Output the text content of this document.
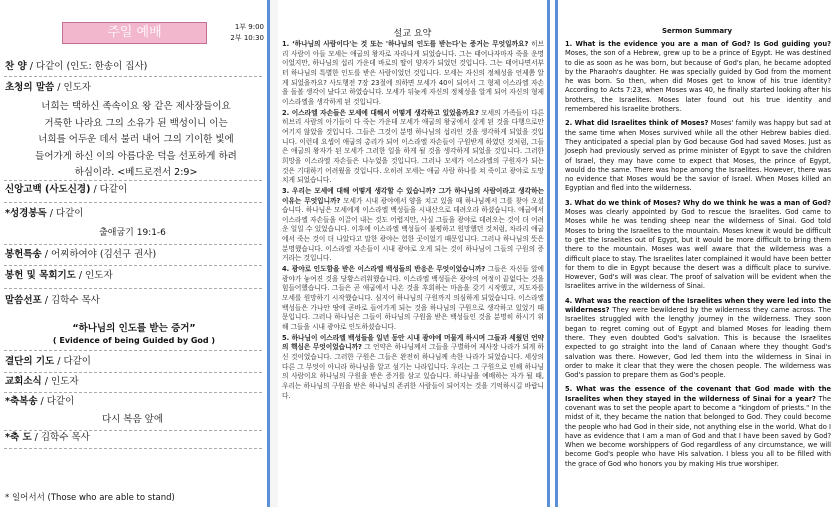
주일 예배	1부 9:00
2부 10:30
찬 양 / 다같이 (인도: 한송이 집사)
초청의 말씀 / 인도자
너희는 택하신 족속이요 왕 같은 제사장들이요
거룩한 나라요 그의 소유가 된 백성이니 이는
너희를 어두운 데서 불러 내어 그의 기이한 빛에
들어가게 하신 이의 아름다운 덕을 선포하게 하려
하심이라. <베드로전서 2:9>
신앙고백 (사도신경) / 다같이
*성경봉독 / 다같이
출애굽기 19:1-6
봉헌특송 / 어찌하여야 (김선구 권사)
봉헌 및 목회기도 / 인도자
말씀선포 / 김학수 목사
“하나님의 인도를 받는 증거”
( Evidence of being Guided by God )
결단의 기도 / 다같이
교회소식 / 인도자
*축복송 / 다같이
다시 복음 앞에
*축 도 / 김학수 목사
* 일어서서 (Those who are able to stand)
설교 요약

1. ‘하나님의 사람이다'는 것 또는 '하나님의 인도를 받는다'는 증거는 무엇일까요? 히브리 사람이 아들 모세는 애굽의 왕자로 자라나게 되었습니다. 그는 태어나자마자 죽을 운명이었지만, 하나님의 섭리 가운데 바로의 딸이 양자가 되었던 것입니다. 그는 태어나면서부터 하나님의 특별한 인도를 받은 사람이었던 것입니다. 모세는 자신의 정체성을 언제쯤 알게 되었을까요? 사도행전 7장 23절에 의하면 모세가 40이 되어서 그 형제 이스라엘 자손을 돌볼 생각이 났다고 하였습니다. 모세가 뒤늦게 자신의 정체성을 알게 되어 자신의 형제 이스라엘을 생각하게 된 것입니다.

2. 이스라엘 자손들은 모세에 대해서 어떻게 생각하고 있었을까요? 모세의 가족들이 다른 히브리 사람의 아기들이 다 죽는 가운데 모세가 애굽의 왕궁에서 살게 된 것을 다행으로만 여기지 않았을 것입니다. 그들은 그것이 분명 하나님의 섭리인 것을 생각하게 되었을 것입니다. 이런데 요셉이 애굽의 총리가 되어 이스라엘 자손들이 구원받게 하였던 것처럼, 그들은 애굽의 왕자가 된 모세가 그러한 일을 하게 될 것을 생각하게 되었을 것입니다. 그러한 희망을 이스라엘 자손들은 나누었을 것입니다. 그러나 모세가 이스라엘의 구원자가 되는 것은 기대하기 어려웠을 것입니다. 오히려 모세는 애굽 사람 하나를 쳐 죽이고 광야로 도망치게 되었습니다.

3. 우리는 모세에 대해 어떻게 생각할 수 있습니까? 그가 하나님의 사람이라고 생각하는 이유는 무엇입니까? 모세가 시내 광야에서 양을 치고 있을 때 하나님께서 그를 찾아 오셨습니다. 하나님은 모세에게 이스라엘 백성들을 시내산으로 데려오라 하셨습니다. 애굽에서 이스라엘 자손들을 이끌어 내는 것도 어렵지만, 사실 그들을 광야로 데려오는 것이 더 어려운 일일 수 있었습니다. 이후에 이스라엘 백성들이 불평하고 원망했던 것처럼, 차라리 애굽에서 죽는 것이 더 나았다고 말한 광야는 험한 곳이었기 때문입니다. 그러나 하나님의 뜻은 분명했습니다. 이스라엘 자손들이 시내 광야로 오게 되는 것이 하나님이 그들의 구원의 증거라는 것입니다.

4. 광야로 인도함을 받은 이스라엘 백성들의 반응은 무엇이었습니까? 그들은 자신들 앞에 광야가 놓여진 것을 당황스러워했습니다. 이스라엘 백성들은 광야의 여정이 끝없다는 것을 힘들어했습니다. 그들은 곧 애굽에서 나온 것을 후회하는 마음을 갖기 시작했고, 지도자를 모세를 원망하기 시작했습니다. 심지어 하나님의 구원까지 의심하게 되었습니다. 이스라엘 백성들은 가나안 땅에 곧바로 들어가게 되는 것을 하나님의 구원으로 생각하고 있었기 때문입니다. 그러나 하나님은 그들이 하나님의 구원을 받은 백성들인 것을 분명히 하시기 위해 그들을 시내 광야로 인도하셨습니다.

5. 하나님이 이스라엘 백성들을 일년 동안 시내 광야에 머물게 하시며 그들과 세웠던 언약의 핵심은 무엇이었습니까? 그 언약은 하나님께서 그들을 구별하여 제사장 나라가 되게 하신 것이었습니다. 그러한 구원은 그들은 완전히 하나님께 속한 나라가 되었습니다. 세상의 다른 그 무엇이 아니라 하나님을 알고 섬기는 나라입니다. 우리는 그 구원으로 인해 하나님의 사람이요 하나님의 구원을 받은 증거를 삼고 있습니다. 하나님을 예배하는 자가 될 때, 우리는 하나님의 구원을 받은 하나님의 존귀한 사람들이 되어지는 것을 기억하시길 바랍니다.

Sermon Summary

1. What is the evidence you are a man of God? Is God guiding you? Moses, the son of a Hebrew, grew up to be a prince of Egypt. He was destined to die as soon as he was born, but because of God's plan, he became adopted by the Pharaoh's daughter. He was specially guided by God from the moment he was born. So then, when did Moses get to know of his true identity? According to Acts 7:23, when Moses was 40, he finally started looking after his brothers, the Israelites. Moses later found out his true identity and remembered his Israelite brothers.

2. What did Israelites think of Moses? Moses' family was happy but sad at the same time when Moses survived while all the other Hebrew babies died. They anticipated a special plan by God because God had saved Moses. Just as Joseph had previously served as prime minister of Egypt to save the children of Israel, they may have come to expect that Moses, the prince of Egypt, would do the same. There was hope among the Israelites. However, there was no evidence that Moses would be the savior of Israel. When Moses killed an Egyptian and fled into the wilderness.

3. What do we think of Moses? Why do we think he was a man of God? Moses was clearly appointed by God to rescue the Israelites. God came to Moses while he was tending sheep near the wilderness of Sinai. God told Moses to bring the Israelites to the mountain. Moses knew it would be difficult to get the Israelites out of Egypt, but it would be more difficult to bring them there to the mountain. Moses was well aware that the wilderness was a difficult place to stay. The Israelites later complained it would have been better for them to die in Egypt because the desert was a difficult place to survive. However, God's will was clear. The proof of salvation will be evident when the Israelites arrive in the wilderness of Sinai.

4. What was the reaction of the Israelites when they were led into the wilderness? They were bewildered by the wilderness they came across. The Israelites struggled with the lengthy journey in the wilderness. They soon began to regret coming out of Egypt and blamed Moses for leading them there. They even doubted God's salvation. This is because the Israelites expected to go straight into the land of Canaan where they thought God's salvation was there. However, God led them into the wilderness in Sinai in order to make it clear that they were the chosen people. The wilderness was God's passion to prepare them as God's people.

5. What was the essence of the covenant that God made with the Israelites when they stayed in the wilderness of Sinai for a year? The covenant was to set the people apart to become a "kingdom of priests." In the midst of it, they became the nation that belonged to God. They could become the people who had God in their side, not anything else in the world. What do I have as evidence that I am a man of God and that I have been saved by God? When we become worshippers of God regardless of any circumstance, we will become God's people who have His salvation. I bless you all to be filled with the grace of God who honors you by making His true worshiper.
